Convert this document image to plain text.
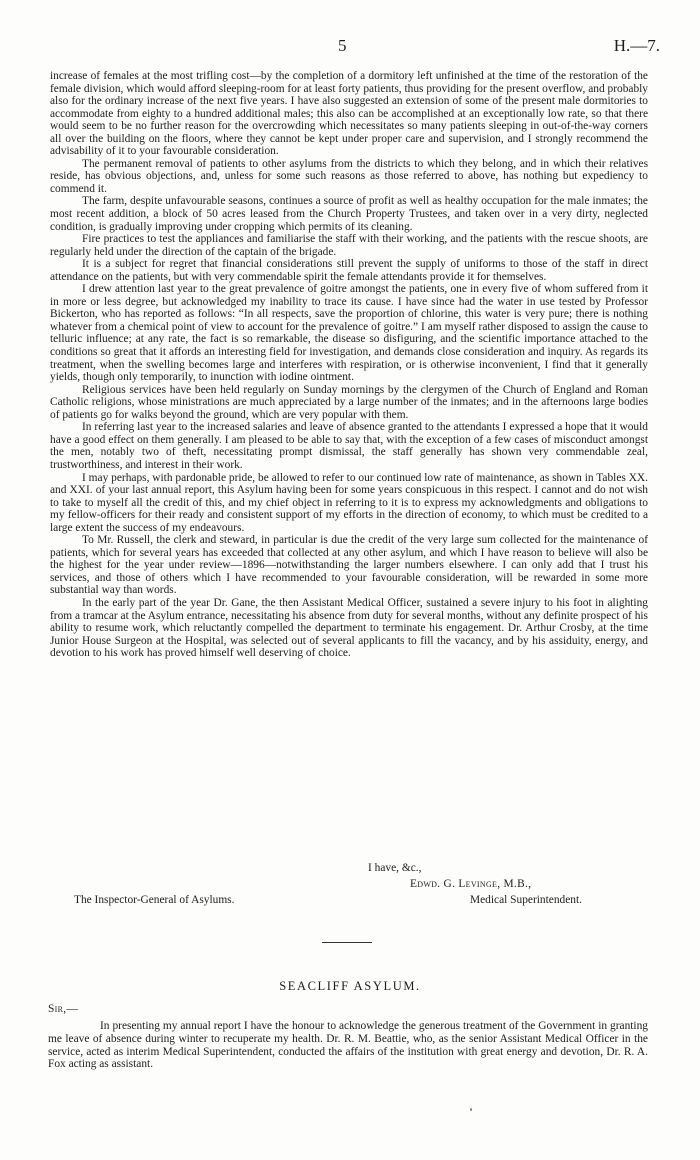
5	H.—7.

increase of females at the most trifling cost—by the completion of a dormitory left unfinished at the time of the restoration of the female division, which would afford sleeping-room for at least forty patients, thus providing for the present overflow, and probably also for the ordinary increase of the next five years. I have also suggested an extension of some of the present male dormitories to accommodate from eighty to a hundred additional males; this also can be accomplished at an exceptionally low rate, so that there would seem to be no further reason for the overcrowding which necessitates so many patients sleeping in out-of-the-way corners all over the building on the floors, where they cannot be kept under proper care and supervision, and I strongly recommend the advisability of it to your favourable consideration.

The permanent removal of patients to other asylums from the districts to which they belong, and in which their relatives reside, has obvious objections, and, unless for some such reasons as those referred to above, has nothing but expediency to commend it.

The farm, despite unfavourable seasons, continues a source of profit as well as healthy occupation for the male inmates; the most recent addition, a block of 50 acres leased from the Church Property Trustees, and taken over in a very dirty, neglected condition, is gradually improving under cropping which permits of its cleaning.

Fire practices to test the appliances and familiarise the staff with their working, and the patients with the rescue shoots, are regularly held under the direction of the captain of the brigade.

It is a subject for regret that financial considerations still prevent the supply of uniforms to those of the staff in direct attendance on the patients, but with very commendable spirit the female attendants provide it for themselves.

I drew attention last year to the great prevalence of goitre amongst the patients, one in every five of whom suffered from it in more or less degree, but acknowledged my inability to trace its cause. I have since had the water in use tested by Professor Bickerton, who has reported as follows: “In all respects, save the proportion of chlorine, this water is very pure; there is nothing whatever from a chemical point of view to account for the prevalence of goitre.” I am myself rather disposed to assign the cause to telluric influence; at any rate, the fact is so remarkable, the disease so disfiguring, and the scientific importance attached to the conditions so great that it affords an interesting field for investigation, and demands close consideration and inquiry. As regards its treatment, when the swelling becomes large and interferes with respiration, or is otherwise inconvenient, I find that it generally yields, though only temporarily, to inunction with iodine ointment.

Religious services have been held regularly on Sunday mornings by the clergymen of the Church of England and Roman Catholic religions, whose ministrations are much appreciated by a large number of the inmates; and in the afternoons large bodies of patients go for walks beyond the ground, which are very popular with them.

In referring last year to the increased salaries and leave of absence granted to the attendants I expressed a hope that it would have a good effect on them generally. I am pleased to be able to say that, with the exception of a few cases of misconduct amongst the men, notably two of theft, necessitating prompt dismissal, the staff generally has shown very commendable zeal, trustworthiness, and interest in their work.

I may perhaps, with pardonable pride, be allowed to refer to our continued low rate of maintenance, as shown in Tables XX. and XXI. of your last annual report, this Asylum having been for some years conspicuous in this respect. I cannot and do not wish to take to myself all the credit of this, and my chief object in referring to it is to express my acknowledgments and obligations to my fellow-officers for their ready and consistent support of my efforts in the direction of economy, to which must be credited to a large extent the success of my endeavours.

To Mr. Russell, the clerk and steward, in particular is due the credit of the very large sum collected for the maintenance of patients, which for several years has exceeded that collected at any other asylum, and which I have reason to believe will also be the highest for the year under review—1896—notwithstanding the larger numbers elsewhere. I can only add that I trust his services, and those of others which I have recommended to your favourable consideration, will be rewarded in some more substantial way than words.

In the early part of the year Dr. Gane, the then Assistant Medical Officer, sustained a severe injury to his foot in alighting from a tramcar at the Asylum entrance, necessitating his absence from duty for several months, without any definite prospect of his ability to resume work, which reluctantly compelled the department to terminate his engagement. Dr. Arthur Crosby, at the time Junior House Surgeon at the Hospital, was selected out of several applicants to fill the vacancy, and by his assiduity, energy, and devotion to his work has proved himself well deserving of choice.

I have, &c.,
Edwd. G. Levinge, M.B.,
The Inspector-General of Asylums.	Medical Superintendent.
SEACLIFF ASYLUM.
Sir,—

In presenting my annual report I have the honour to acknowledge the generous treatment of the Government in granting me leave of absence during winter to recuperate my health. Dr. R. M. Beattie, who, as the senior Assistant Medical Officer in the service, acted as interim Medical Superintendent, conducted the affairs of the institution with great energy and devotion, Dr. R. A. Fox acting as assistant.
